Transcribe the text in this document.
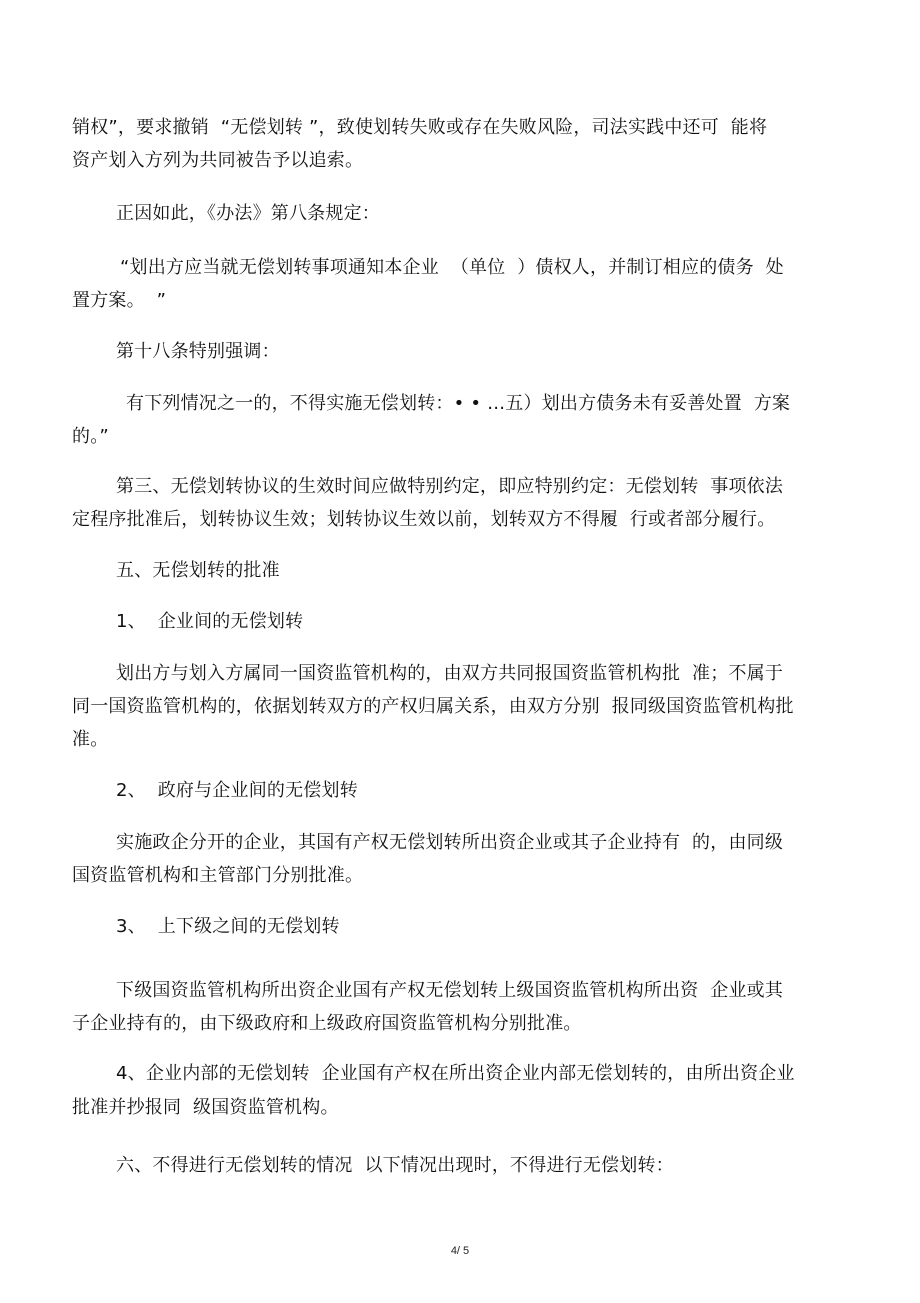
销权”，要求撤销  “无偿划转 ”，致使划转失败或存在失败风险，司法实践中还可  能将
资产划入方列为共同被告予以追索。
正因如此，《办法》第八条规定：
“划出方应当就无偿划转事项通知本企业  （单位  ）债权人，并制订相应的债务  处
置方案。  ”
第十八条特别强调：
有下列情况之一的，不得实施无偿划转：• • …五）划出方债务未有妥善处置  方案
的。”
第三、无偿划转协议的生效时间应做特别约定，即应特别约定：无偿划转  事项依法
定程序批准后，划转协议生效；划转协议生效以前，划转双方不得履  行或者部分履行。
五、无偿划转的批准
1、  企业间的无偿划转
划出方与划入方属同一国资监管机构的，由双方共同报国资监管机构批  准；不属于
同一国资监管机构的，依据划转双方的产权归属关系，由双方分别  报同级国资监管机构批
准。
2、  政府与企业间的无偿划转
实施政企分开的企业，其国有产权无偿划转所出资企业或其子企业持有  的，由同级
国资监管机构和主管部门分别批准。
3、  上下级之间的无偿划转
下级国资监管机构所出资企业国有产权无偿划转上级国资监管机构所出资  企业或其
子企业持有的，由下级政府和上级政府国资监管机构分别批准。
4、企业内部的无偿划转  企业国有产权在所出资企业内部无偿划转的，由所出资企业
批准并抄报同  级国资监管机构。
六、不得进行无偿划转的情况  以下情况出现时，不得进行无偿划转：
4/ 5
